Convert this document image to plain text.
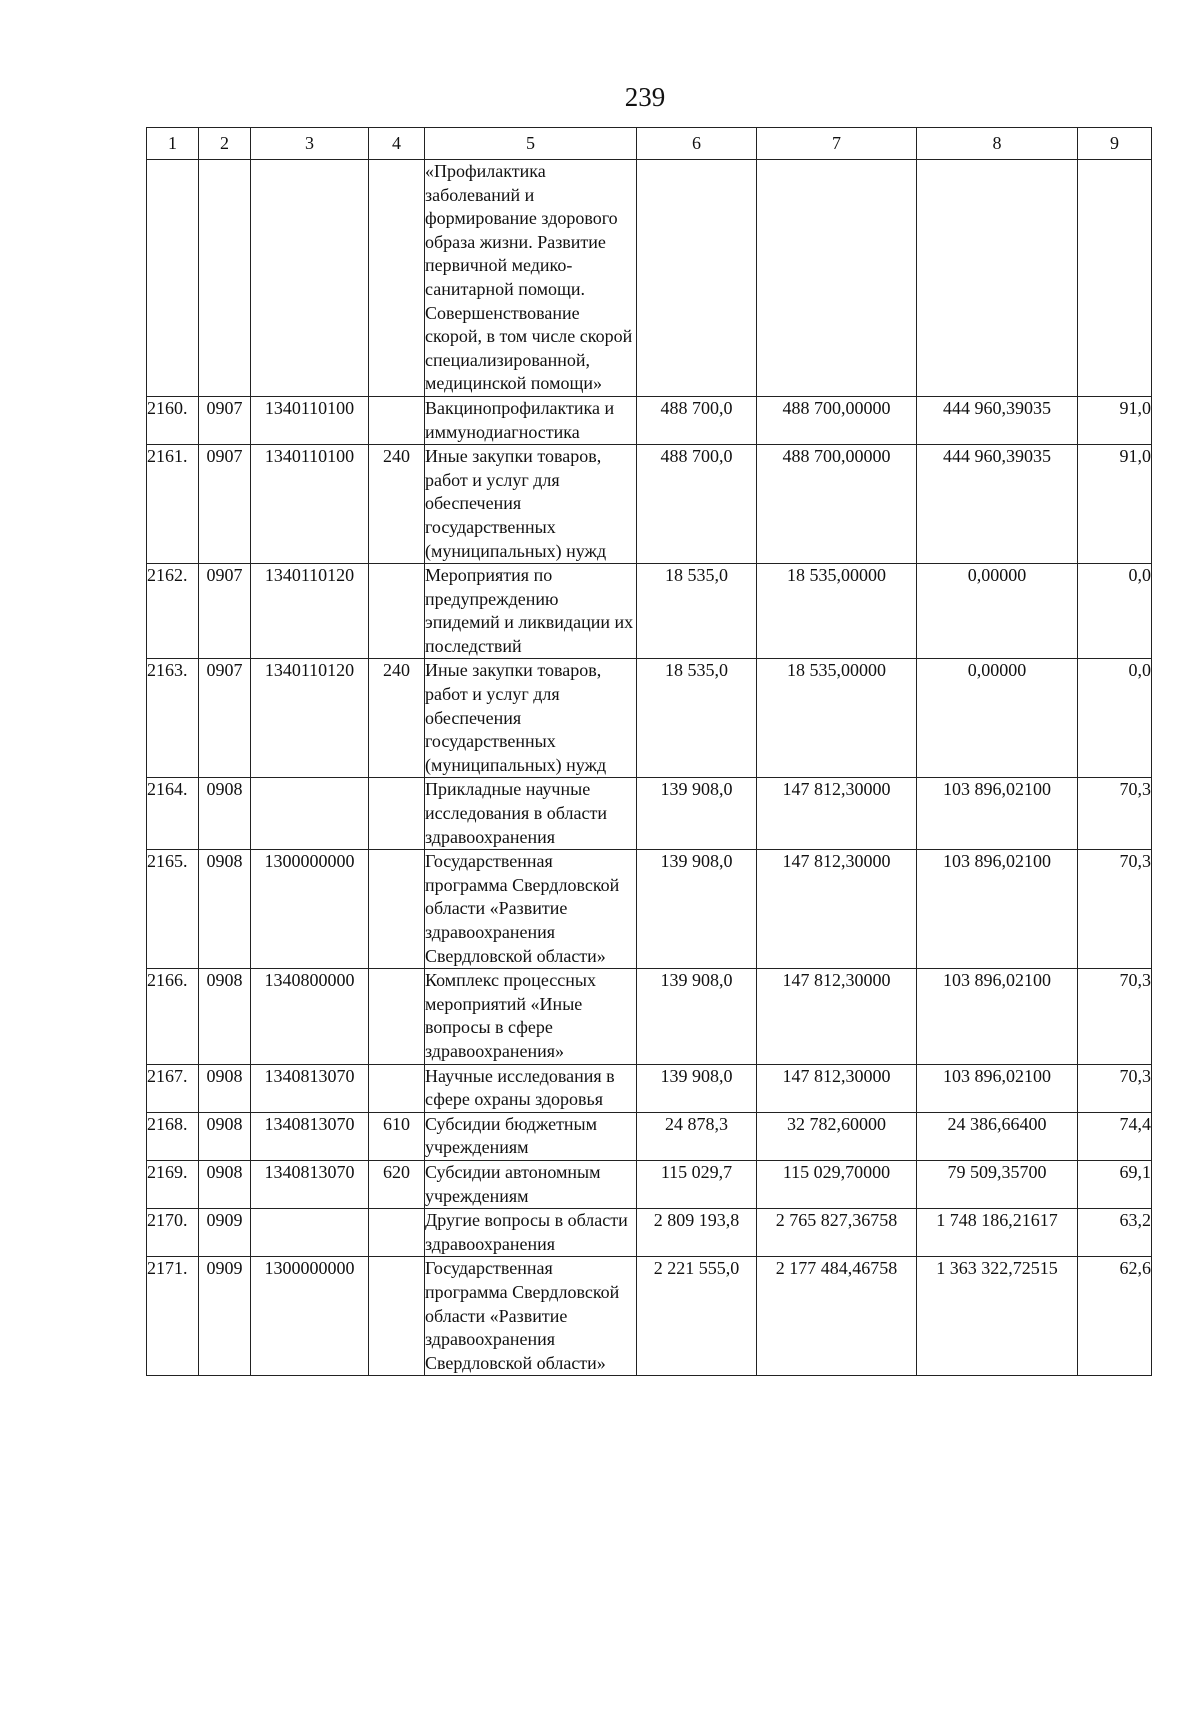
239
1	2	3	4	5	6	7	8	9

				«Профилактика заболеваний и формирование здорового образа жизни. Развитие первичной медико-санитарной помощи. Совершенствование скорой, в том числе скорой специализированной, медицинской помощи»				

2160.	0907	1340110100		Вакцинопрофилактика и иммунодиагностика	488 700,0	488 700,00000	444 960,39035	91,0
2161.	0907	1340110100	240	Иные закупки товаров, работ и услуг для обеспечения государственных (муниципальных) нужд	488 700,0	488 700,00000	444 960,39035	91,0
2162.	0907	1340110120		Мероприятия по предупреждению эпидемий и ликвидации их последствий	18 535,0	18 535,00000	0,00000	0,0
2163.	0907	1340110120	240	Иные закупки товаров, работ и услуг для обеспечения государственных (муниципальных) нужд	18 535,0	18 535,00000	0,00000	0,0
2164.	0908			Прикладные научные исследования в области здравоохранения	139 908,0	147 812,30000	103 896,02100	70,3
2165.	0908	1300000000		Государственная программа Свердловской области «Развитие здравоохранения Свердловской области»	139 908,0	147 812,30000	103 896,02100	70,3
2166.	0908	1340800000		Комплекс процессных мероприятий «Иные вопросы в сфере здравоохранения»	139 908,0	147 812,30000	103 896,02100	70,3
2167.	0908	1340813070		Научные исследования в сфере охраны здоровья	139 908,0	147 812,30000	103 896,02100	70,3
2168.	0908	1340813070	610	Субсидии бюджетным учреждениям	24 878,3	32 782,60000	24 386,66400	74,4
2169.	0908	1340813070	620	Субсидии автономным учреждениям	115 029,7	115 029,70000	79 509,35700	69,1
2170.	0909			Другие вопросы в области здравоохранения	2 809 193,8	2 765 827,36758	1 748 186,21617	63,2
2171.	0909	1300000000		Государственная программа Свердловской области «Развитие здравоохранения Свердловской области»	2 221 555,0	2 177 484,46758	1 363 322,72515	62,6
